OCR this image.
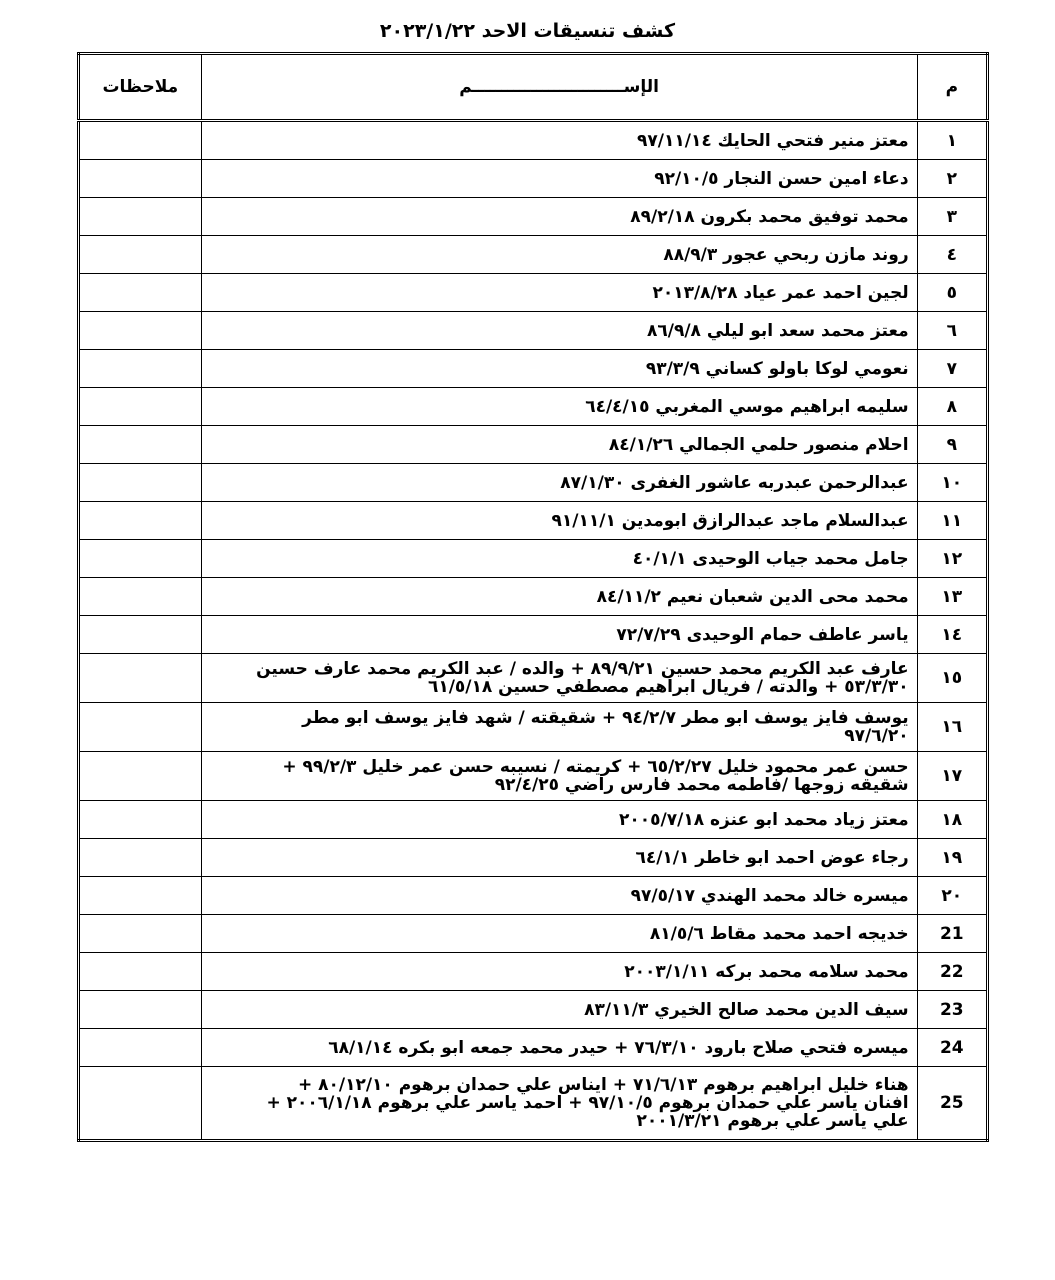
كشف تنسيقات الاحد ٢٠٢٣/١/٢٢
ملاحظات	الإســــــــــــــــــــــــــم	م
	معتز منير فتحي الحايك ٩٧/١١/١٤	١
	دعاء امين حسن النجار ٩٢/١٠/٥	٢
	محمد توفيق محمد بكرون ٨٩/٢/١٨	٣
	روند مازن ربحي عجور ٨٨/٩/٣	٤
	لجين احمد عمر عياد ٢٠١٣/٨/٢٨	٥
	معتز محمد سعد ابو ليلي ٨٦/٩/٨	٦
	نعومي لوكا باولو كساني ٩٣/٣/٩	٧
	سليمه ابراهيم موسي المغربي ٦٤/٤/١٥	٨
	احلام منصور حلمي الجمالي ٨٤/١/٢٦	٩
	عبدالرحمن عبدربه عاشور الغفرى ٨٧/١/٣٠	١٠
	عبدالسلام ماجد عبدالرازق ابومدين ٩١/١١/١	١١
	جامل محمد جياب الوحيدى ٤٠/١/١	١٢
	محمد محى الدين شعبان نعيم ٨٤/١١/٢	١٣
	ياسر عاطف حمام الوحيدى ٧٢/٧/٢٩	١٤
	عارف عبد الكريم محمد حسين ٨٩/٩/٢١ + والده / عبد الكريم محمد عارف حسين
٥٣/٣/٣٠ + والدته / فريال ابراهيم مصطفي حسين ٦١/٥/١٨	١٥
	يوسف فايز يوسف ابو مطر ٩٤/٢/٧ + شقيقته / شهد فايز يوسف ابو مطر
٩٧/٦/٢٠	١٦
	حسن عمر محمود خليل ٦٥/٢/٢٧ + كريمته / نسيبه حسن عمر خليل ٩٩/٢/٣ +
شقيقه زوجها /فاطمه محمد فارس راضي ٩٢/٤/٢٥	١٧
	معتز زياد محمد ابو عنزه ٢٠٠٥/٧/١٨	١٨
	رجاء عوض احمد ابو خاطر ٦٤/١/١	١٩
	ميسره خالد محمد الهندي ٩٧/٥/١٧	٢٠
	خديجه احمد محمد مقاط ٨١/٥/٦	21
	محمد سلامه محمد بركه ٢٠٠٣/١/١١	22
	سيف الدين محمد صالح الخيري ٨٣/١١/٣	23
	ميسره فتحي صلاح بارود ٧٦/٣/١٠ + حيدر محمد جمعه ابو بكره ٦٨/١/١٤	24
	هناء خليل ابراهيم برهوم ٧١/٦/١٣ + ايناس علي حمدان برهوم ٨٠/١٢/١٠ +
افنان ياسر علي حمدان برهوم ٩٧/١٠/٥ + احمد ياسر علي برهوم ٢٠٠٦/١/١٨ +
علي ياسر علي برهوم ٢٠٠١/٣/٢١	25
